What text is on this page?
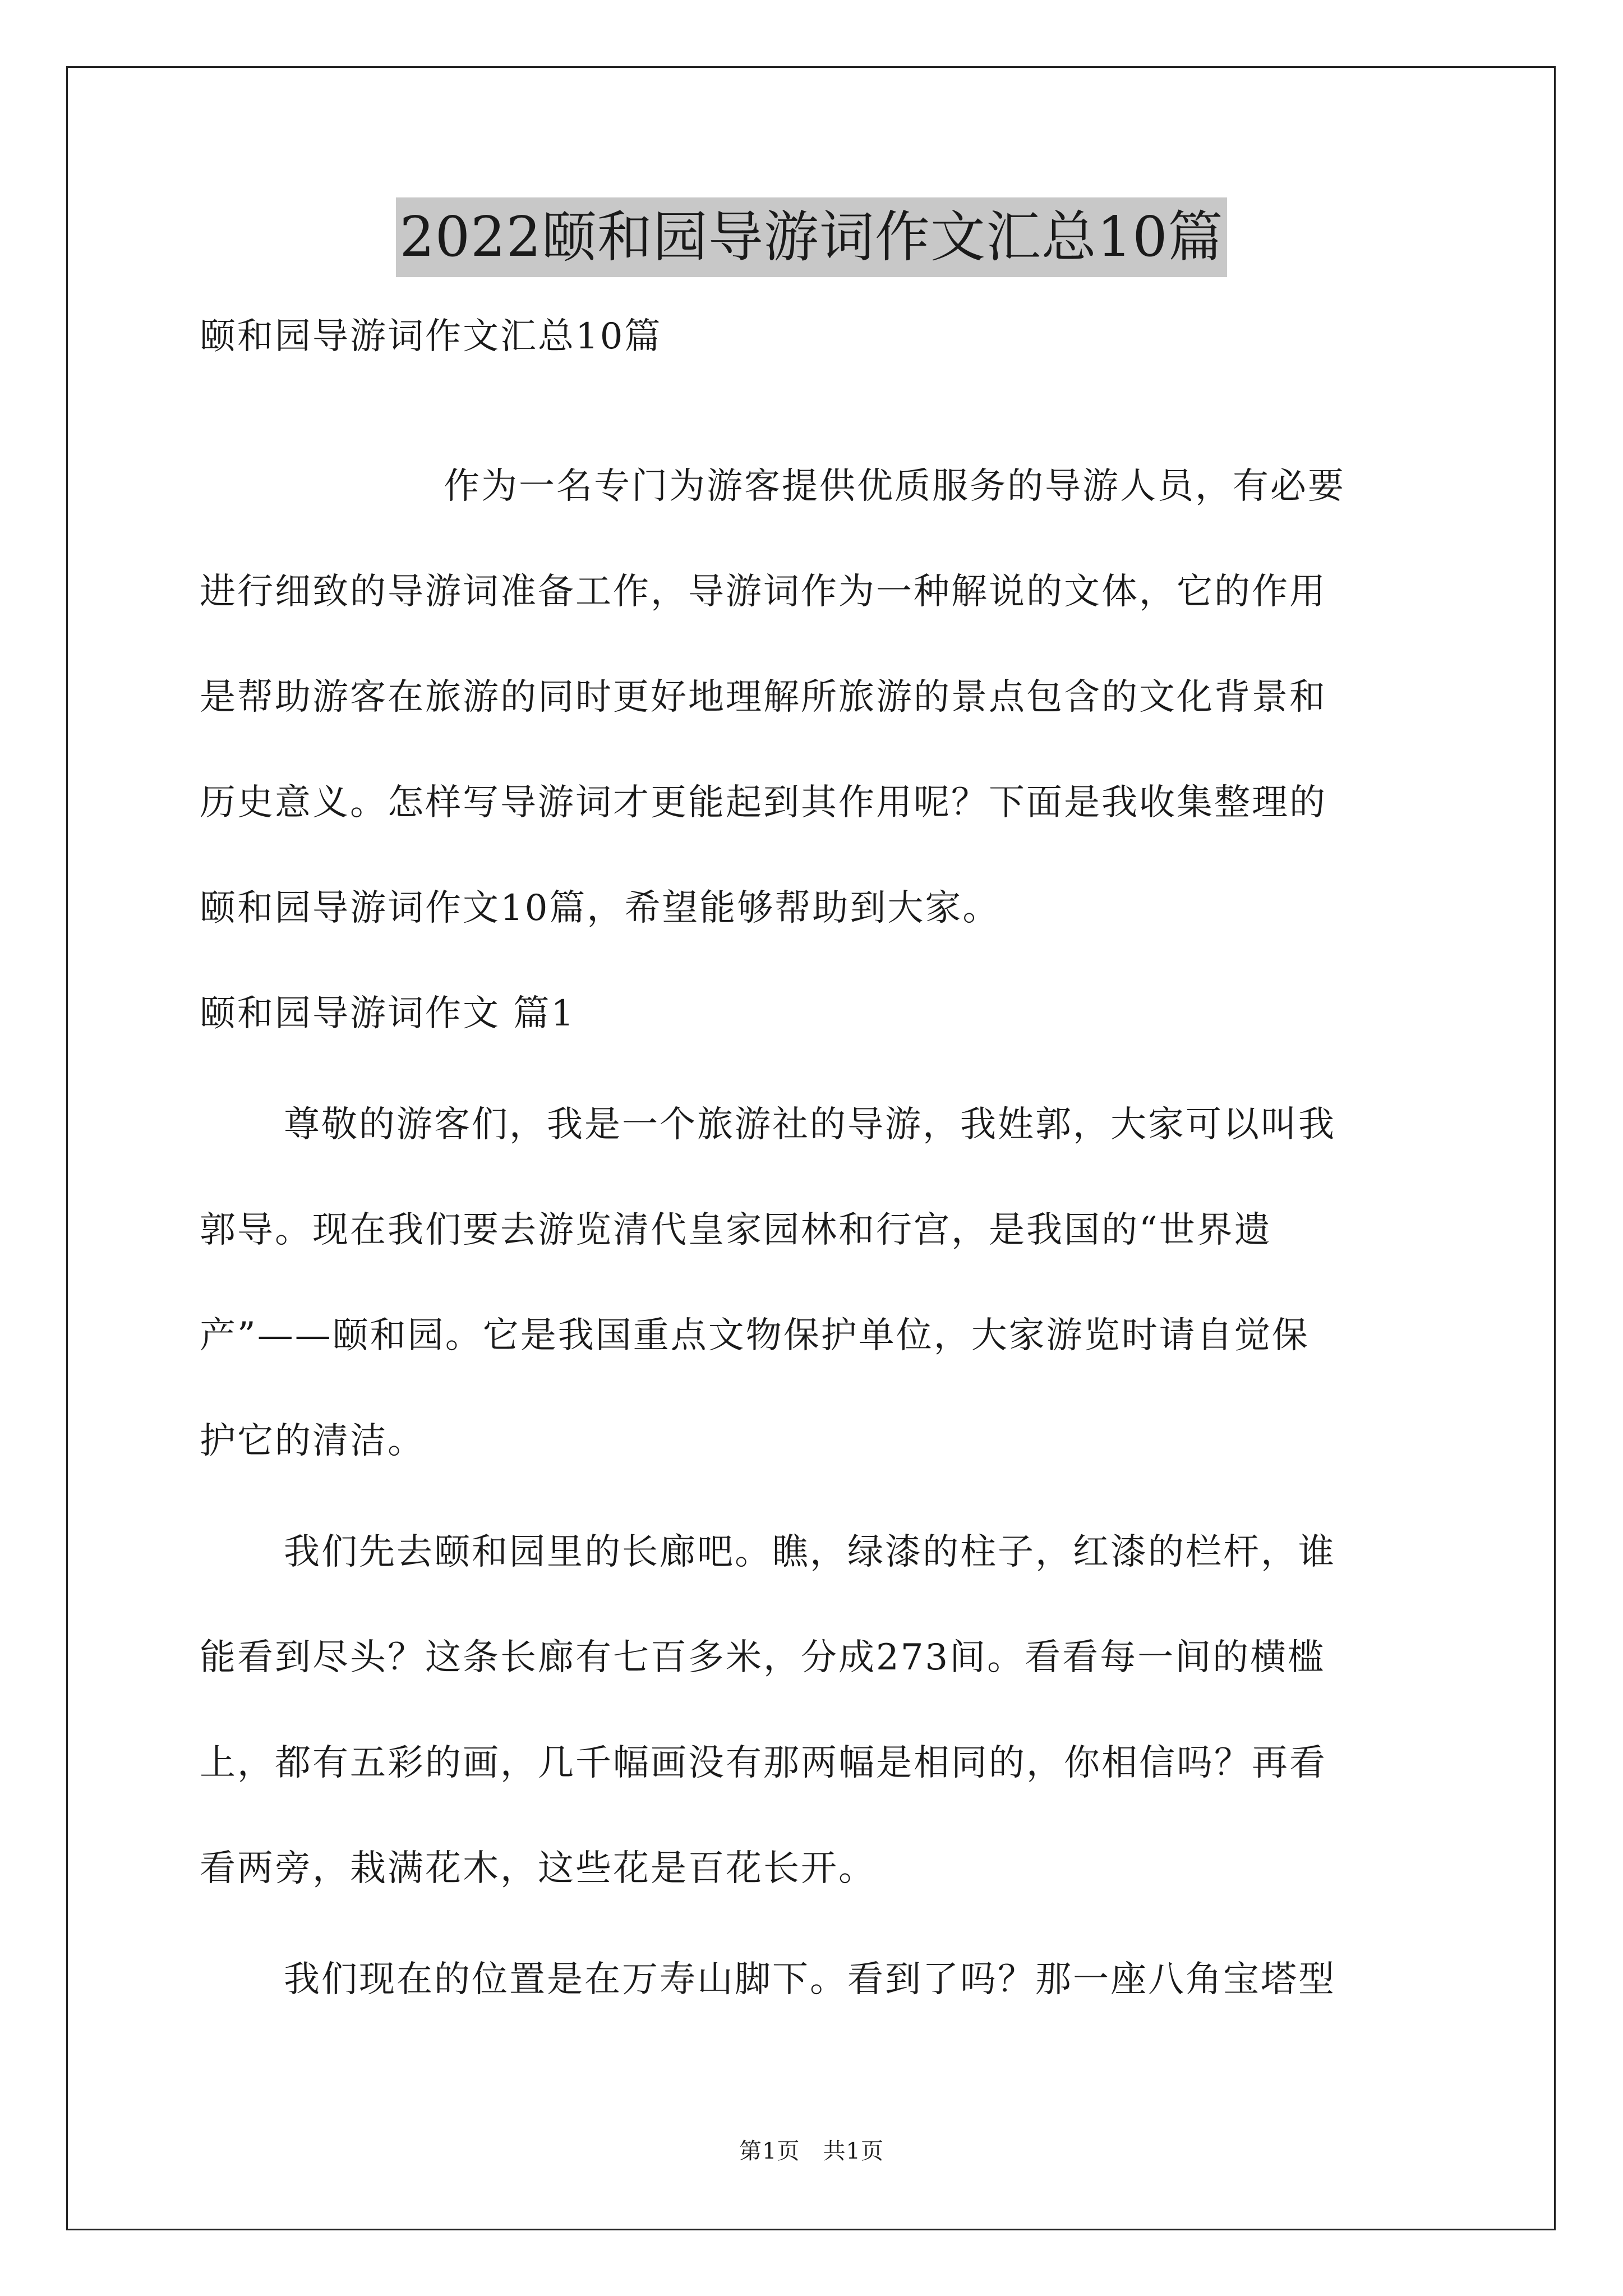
2022颐和园导游词作文汇总10篇
颐和园导游词作文汇总10篇
作为一名专门为游客提供优质服务的导游人员，有必要
进行细致的导游词准备工作，导游词作为一种解说的文体，它的作用
是帮助游客在旅游的同时更好地理解所旅游的景点包含的文化背景和
历史意义。怎样写导游词才更能起到其作用呢？下面是我收集整理的
颐和园导游词作文10篇，希望能够帮助到大家。
颐和园导游词作文 篇1
尊敬的游客们，我是一个旅游社的导游，我姓郭，大家可以叫我
郭导。现在我们要去游览清代皇家园林和行宫，是我国的“世界遗
产”——颐和园。它是我国重点文物保护单位，大家游览时请自觉保
护它的清洁。
我们先去颐和园里的长廊吧。瞧，绿漆的柱子，红漆的栏杆，谁
能看到尽头？这条长廊有七百多米，分成273间。看看每一间的横槛
上，都有五彩的画，几千幅画没有那两幅是相同的，你相信吗？再看
看两旁，栽满花木，这些花是百花长开。
我们现在的位置是在万寿山脚下。看到了吗？那一座八角宝塔型
第1页　共1页
